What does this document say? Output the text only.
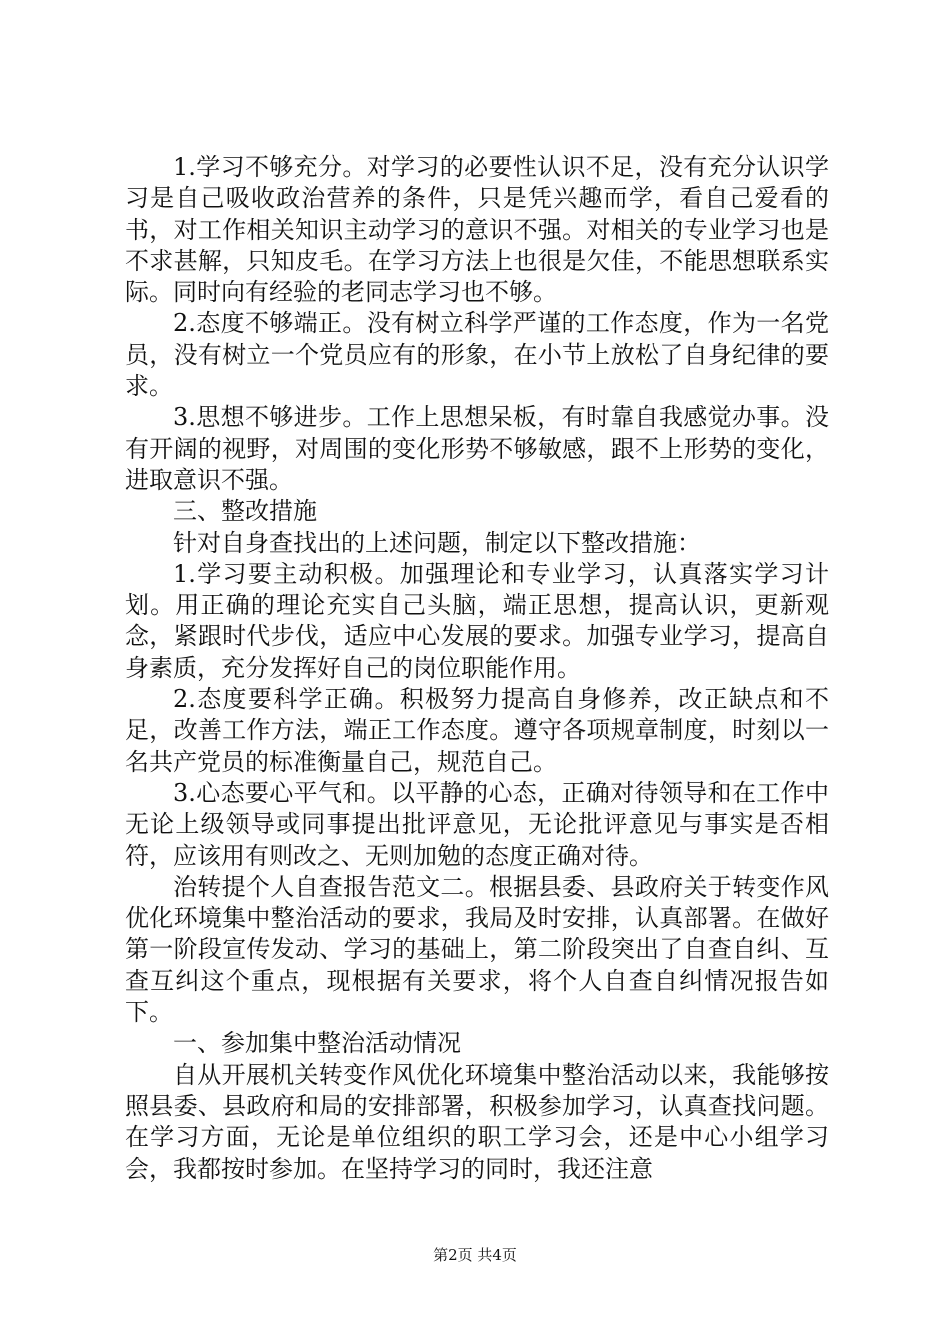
1.学习不够充分。对学习的必要性认识不足，没有充分认识学习是自己吸收政治营养的条件，只是凭兴趣而学，看自己爱看的书，对工作相关知识主动学习的意识不强。对相关的专业学习也是不求甚解，只知皮毛。在学习方法上也很是欠佳，不能思想联系实际。同时向有经验的老同志学习也不够。

2.态度不够端正。没有树立科学严谨的工作态度，作为一名党员，没有树立一个党员应有的形象，在小节上放松了自身纪律的要求。

3.思想不够进步。工作上思想呆板，有时靠自我感觉办事。没有开阔的视野，对周围的变化形势不够敏感，跟不上形势的变化，进取意识不强。

三、整改措施

针对自身查找出的上述问题，制定以下整改措施：

1.学习要主动积极。加强理论和专业学习，认真落实学习计划。用正确的理论充实自己头脑，端正思想，提高认识，更新观念，紧跟时代步伐，适应中心发展的要求。加强专业学习，提高自身素质，充分发挥好自己的岗位职能作用。

2.态度要科学正确。积极努力提高自身修养，改正缺点和不足，改善工作方法，端正工作态度。遵守各项规章制度，时刻以一名共产党员的标准衡量自己，规范自己。

3.心态要心平气和。以平静的心态，正确对待领导和在工作中无论上级领导或同事提出批评意见，无论批评意见与事实是否相符，应该用有则改之、无则加勉的态度正确对待。

治转提个人自查报告范文二。根据县委、县政府关于转变作风优化环境集中整治活动的要求，我局及时安排，认真部署。在做好第一阶段宣传发动、学习的基础上，第二阶段突出了自查自纠、互查互纠这个重点，现根据有关要求，将个人自查自纠情况报告如下。

一、参加集中整治活动情况

自从开展机关转变作风优化环境集中整治活动以来，我能够按照县委、县政府和局的安排部署，积极参加学习，认真查找问题。在学习方面，无论是单位组织的职工学习会，还是中心小组学习会，我都按时参加。在坚持学习的同时，我还注意

第2页 共4页
